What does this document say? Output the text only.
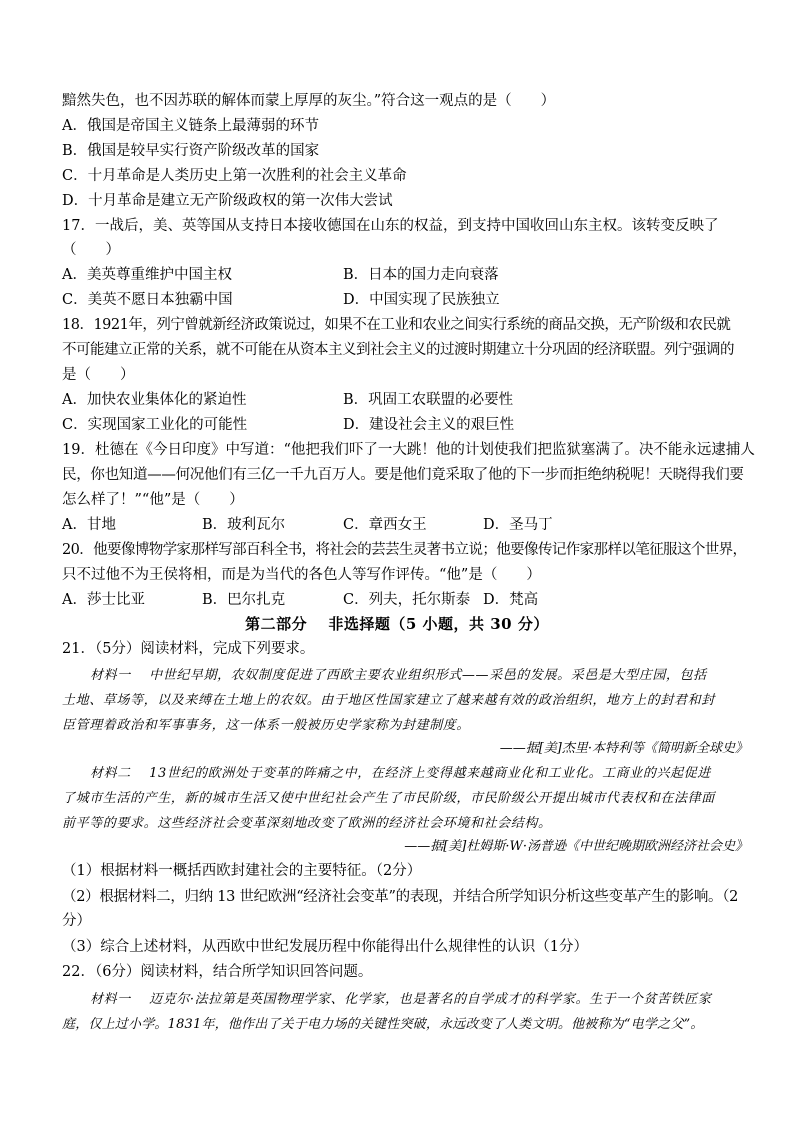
黯然失色，也不因苏联的解体而蒙上厚厚的灰尘。”符合这一观点的是（　　）
A．俄国是帝国主义链条上最薄弱的环节
B．俄国是较早实行资产阶级改革的国家
C．十月革命是人类历史上第一次胜利的社会主义革命
D．十月革命是建立无产阶级政权的第一次伟大尝试
17．一战后，美、英等国从支持日本接收德国在山东的权益，到支持中国收回山东主权。该转变反映了
（　　）
A．美英尊重维护中国主权	B．日本的国力走向衰落
C．美英不愿日本独霸中国	D．中国实现了民族独立
18．1921年，列宁曾就新经济政策说过，如果不在工业和农业之间实行系统的商品交换，无产阶级和农民就
不可能建立正常的关系，就不可能在从资本主义到社会主义的过渡时期建立十分巩固的经济联盟。列宁强调的
是（　　）
A．加快农业集体化的紧迫性	B．巩固工农联盟的必要性
C．实现国家工业化的可能性	D．建设社会主义的艰巨性
19．杜德在《今日印度》中写道：“他把我们吓了一大跳！他的计划使我们把监狱塞满了。决不能永远逮捕人
民，你也知道——何况他们有三亿一千九百万人。要是他们竟采取了他的下一步而拒绝纳税呢！天晓得我们要
怎么样了！”“他”是（　　）
A．甘地	B．玻利瓦尔	C．章西女王	D．圣马丁
20．他要像博物学家那样写部百科全书，将社会的芸芸生灵著书立说；他要像传记作家那样以笔征服这个世界，
只不过他不为王侯将相，而是为当代的各色人等写作评传。“他”是（　　）
A．莎士比亚	B．巴尔扎克	C．列夫，托尔斯泰 D．梵高
第二部分　 非选择题（5 小题，共 30 分）
21．（5分）阅读材料，完成下列要求。
材料一　 中世纪早期，农奴制度促进了西欧主要农业组织形式——采邑的发展。采邑是大型庄园，包括
土地、草场等，以及来缚在土地上的农奴。由于地区性国家建立了越来越有效的政治组织，地方上的封君和封
臣管理着政治和军事事务，这一体系一般被历史学家称为封建制度。
——据[美]杰里·本特利等《简明新全球史》
材料二　 13世纪的欧洲处于变革的阵痛之中，在经济上变得越来越商业化和工业化。工商业的兴起促进
了城市生活的产生，新的城市生活又使中世纪社会产生了市民阶级，市民阶级公开提出城市代表权和在法律面
前平等的要求。这些经济社会变革深刻地改变了欧洲的经济社会环境和社会结构。
——据[美]杜姆斯·W·汤普逊《中世纪晚期欧洲经济社会史》
（1）根据材料一概括西欧封建社会的主要特征。（2分）
（2）根据材料二，归纳 13 世纪欧洲“经济社会变革”的表现，并结合所学知识分析这些变革产生的影响。（2
分）
（3）综合上述材料，从西欧中世纪发展历程中你能得出什么规律性的认识（1分）
22．（6分）阅读材料，结合所学知识回答问题。
材料一　 迈克尔·法拉第是英国物理学家、化学家，也是著名的自学成才的科学家。生于一个贫苦铁匠家
庭，仅上过小学。1831年，他作出了关于电力场的关键性突破，永远改变了人类文明。他被称为“电学之父”。
